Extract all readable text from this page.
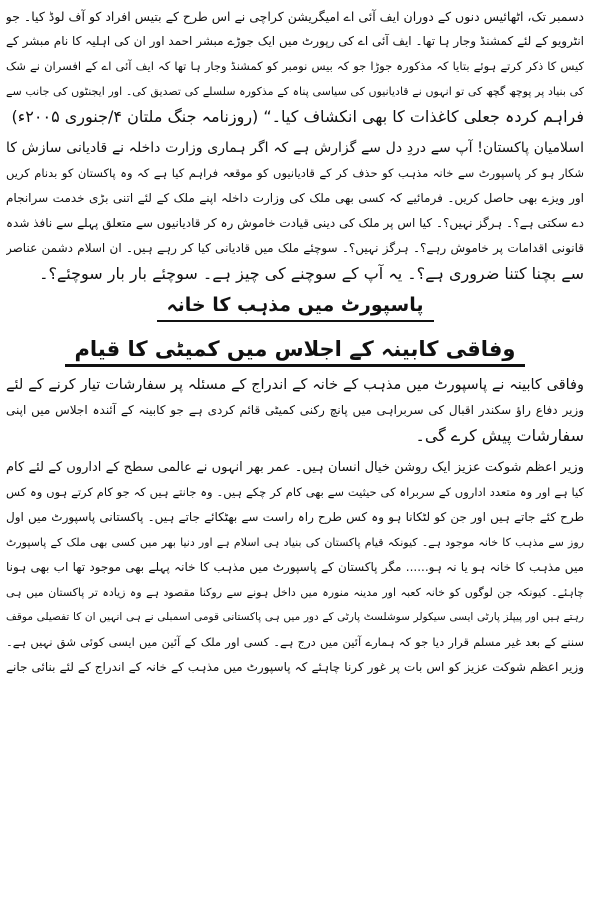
دسمبر تک، اٹھائیس دنوں کے دوران ایف آئی اے امیگریشن کراچی نے اس طرح کے بتیس افراد کو آف لوڈ کیا۔ جو
انٹرویو کے لئے کمشنڈ وجار ہا تھا۔ ایف آئی اے کی رپورٹ میں ایک جوڑے مبشر احمد اور ان کی اہلیہ کا نام مبشر کے
کیس کا ذکر کرتے ہوئے بتایا کہ مذکورہ جوڑا جو کہ بیس نومبر کو کمشنڈ وجار ہا تھا کہ ایف آئی اے کے افسران نے شک
کی بنیاد پر پوچھ گچھ کی تو انہوں نے قادیانیوں کی سیاسی پناہ کے مذکورہ سلسلے کی تصدیق کی۔ اور ایجنٹوں کی جانب سے
فراہم کردہ جعلی کاغذات کا بھی انکشاف کیا۔“ (روزنامہ جنگ ملتان ۴/جنوری ۲۰۰۵ء)
اسلامیان پاکستان! آپ سے دردِ دل سے گزارش ہے کہ اگر ہماری وزارت داخلہ نے قادیانی سازش کا
شکار ہو کر پاسپورٹ سے خانہ مذہب کو حذف کر کے قادیانیوں کو موقعہ فراہم کیا ہے کہ وہ پاکستان کو بدنام کریں
اور ویزے بھی حاصل کریں۔ فرمائیے کہ کسی بھی ملک کی وزارت داخلہ اپنے ملک کے لئے اتنی بڑی خدمت سرانجام
دے سکتی ہے؟۔ ہرگز نہیں؟۔ کیا اس پر ملک کی دینی قیادت خاموش رہ کر قادیانیوں سے متعلق پہلے سے نافذ شدہ
قانونی اقدامات پر خاموش رہے؟۔ ہرگز نہیں؟۔ سوچئے ملک میں قادیانی کیا کر رہے ہیں۔ ان اسلام دشمن عناصر
سے بچنا کتنا ضروری ہے؟۔ یہ آپ کے سوچنے کی چیز ہے۔ سوچئے بار بار سوچئے؟۔
پاسپورٹ میں مذہب کا خانہ
وفاقی کابینہ کے اجلاس میں کمیٹی کا قیام
وفاقی کابینہ نے پاسپورٹ میں مذہب کے خانہ کے اندراج کے مسئلہ پر سفارشات تیار کرنے کے لئے
وزیر دفاع راؤ سکندر اقبال کی سربراہی میں پانچ رکنی کمیٹی قائم کردی ہے جو کابینہ کے آئندہ اجلاس میں اپنی
سفارشات پیش کرے گی۔
وزیر اعظم شوکت عزیز ایک روشن خیال انسان ہیں۔ عمر بھر انہوں نے عالمی سطح کے اداروں کے لئے کام
کیا ہے اور وہ متعدد اداروں کے سربراہ کی حیثیت سے بھی کام کر چکے ہیں۔ وہ جانتے ہیں کہ جو کام کرتے ہوں وہ کس
طرح کئے جاتے ہیں اور جن کو لٹکانا ہو وہ کس طرح راہ راست سے بھٹکائے جاتے ہیں۔ پاکستانی پاسپورٹ میں اول
روز سے مذہب کا خانہ موجود ہے۔ کیونکہ قیام پاکستان کی بنیاد ہی اسلام ہے اور دنیا بھر میں کسی بھی ملک کے پاسپورٹ
میں مذہب کا خانہ ہو یا نہ ہو...... مگر پاکستان کے پاسپورٹ میں مذہب کا خانہ پہلے بھی موجود تھا اب بھی ہونا
چاہئے۔ کیونکہ جن لوگوں کو خانہ کعبہ اور مدینہ منورہ میں داخل ہونے سے روکنا مقصود ہے وہ زیادہ تر پاکستان میں ہی
رہتے ہیں اور پیپلز پارٹی ایسی سیکولر سوشلسٹ پارٹی کے دور میں ہی پاکستانی قومی اسمبلی نے ہی انہیں ان کا تفصیلی موقف
سننے کے بعد غیر مسلم قرار دیا جو کہ ہمارے آئین میں درج ہے۔ کسی اور ملک کے آئین میں ایسی کوئی شق نہیں ہے۔
وزیر اعظم شوکت عزیز کو اس بات پر غور کرنا چاہئے کہ پاسپورٹ میں مذہب کے خانہ کے اندراج کے لئے بنائی جانے
